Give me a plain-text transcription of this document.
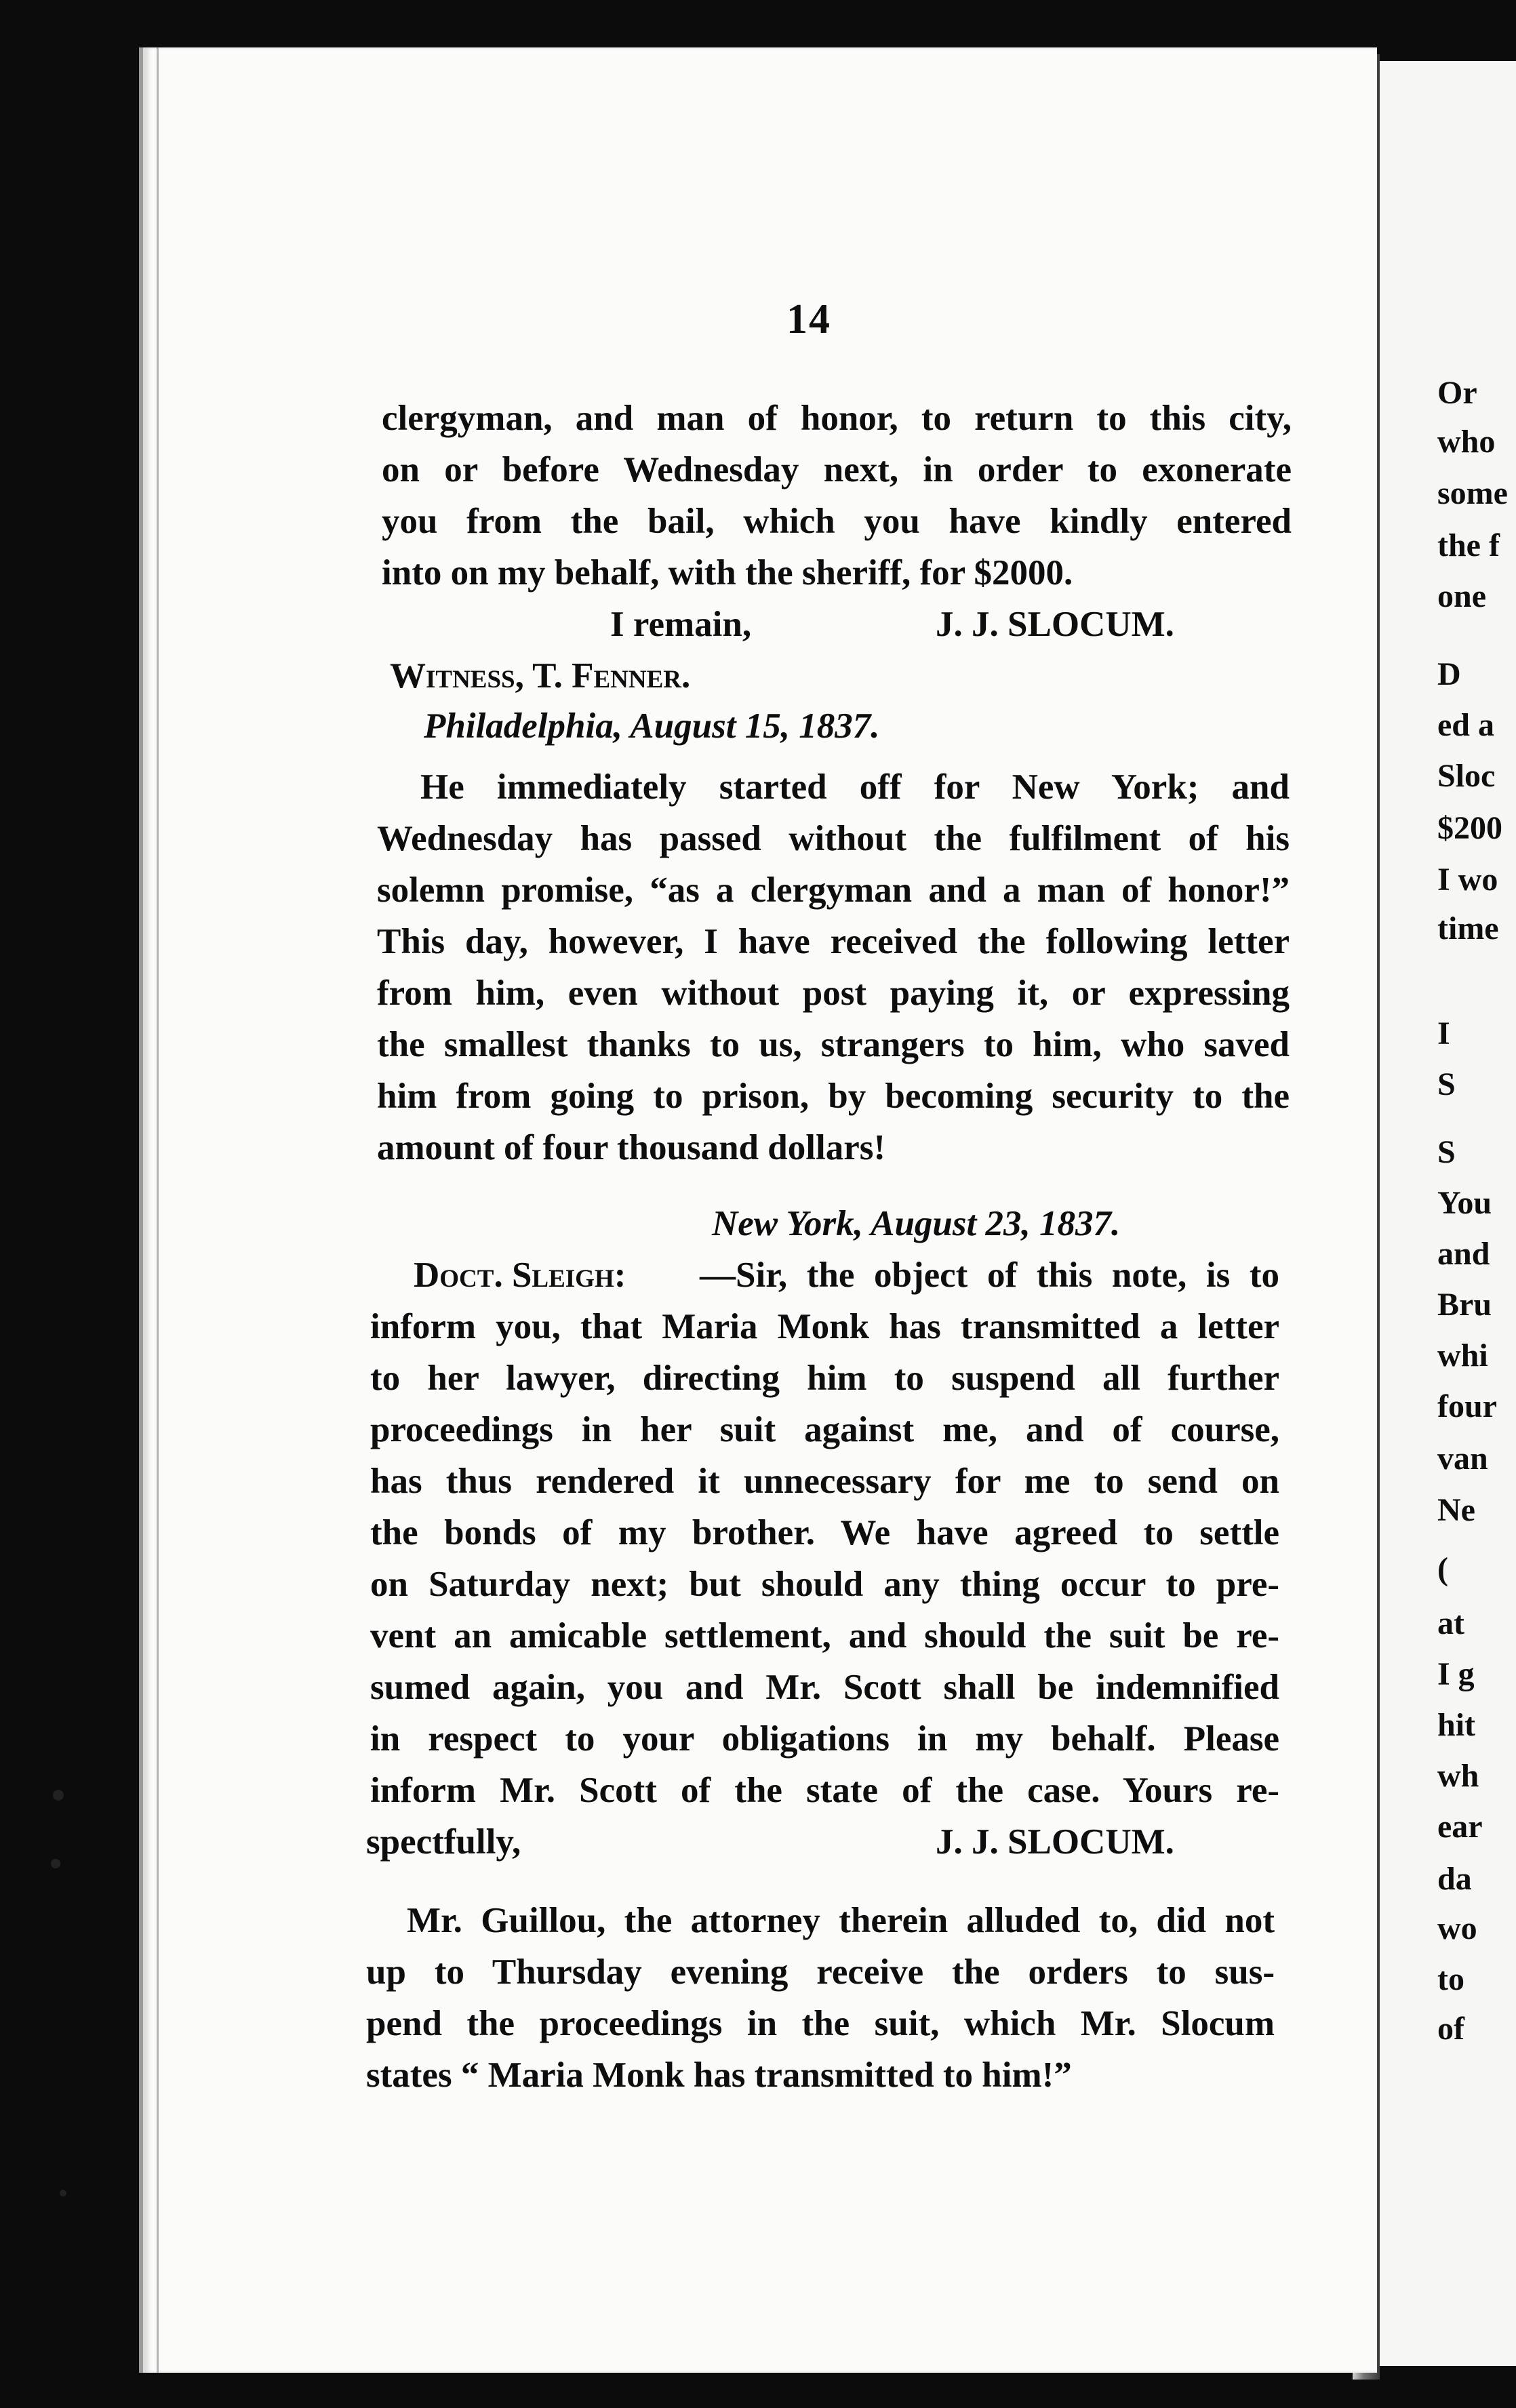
14
clergyman, and man of honor, to return to this city,
on or before Wednesday next, in order to exonerate
you from the bail, which you have kindly entered
into on my behalf, with the sheriff, for $2000.
I remain,	J. J. SLOCUM.
Witness, T. Fenner.
Philadelphia, August 15, 1837.
He immediately started off for New York; and
Wednesday has passed without the fulfilment of his
solemn promise, “as a clergyman and a man of honor!”
This day, however, I have received the following letter
from him, even without post paying it, or expressing
the smallest thanks to us, strangers to him, who saved
him from going to prison, by becoming security to the
amount of four thousand dollars!
New York, August 23, 1837.
Doct. Sleigh:	—Sir, the object of this note, is to
inform you, that Maria Monk has transmitted a letter
to her lawyer, directing him to suspend all further
proceedings in her suit against me, and of course,
has thus rendered it unnecessary for me to send on
the bonds of my brother. We have agreed to settle
on Saturday next; but should any thing occur to pre-
vent an amicable settlement, and should the suit be re-
sumed again, you and Mr. Scott shall be indemnified
in respect to your obligations in my behalf. Please
inform Mr. Scott of the state of the case. Yours re-
spectfully,	J. J. SLOCUM.
Mr. Guillou, the attorney therein alluded to, did not
up to Thursday evening receive the orders to sus-
pend the proceedings in the suit, which Mr. Slocum
states “ Maria Monk has transmitted to him!”
Or
who
some
the f
one
D
ed a
Sloc
$200
I wo
time
I
S
S
You
and
Bru
whi
four
van
Ne
(
at
I g
hit
wh
ear
da
wo
to
of
